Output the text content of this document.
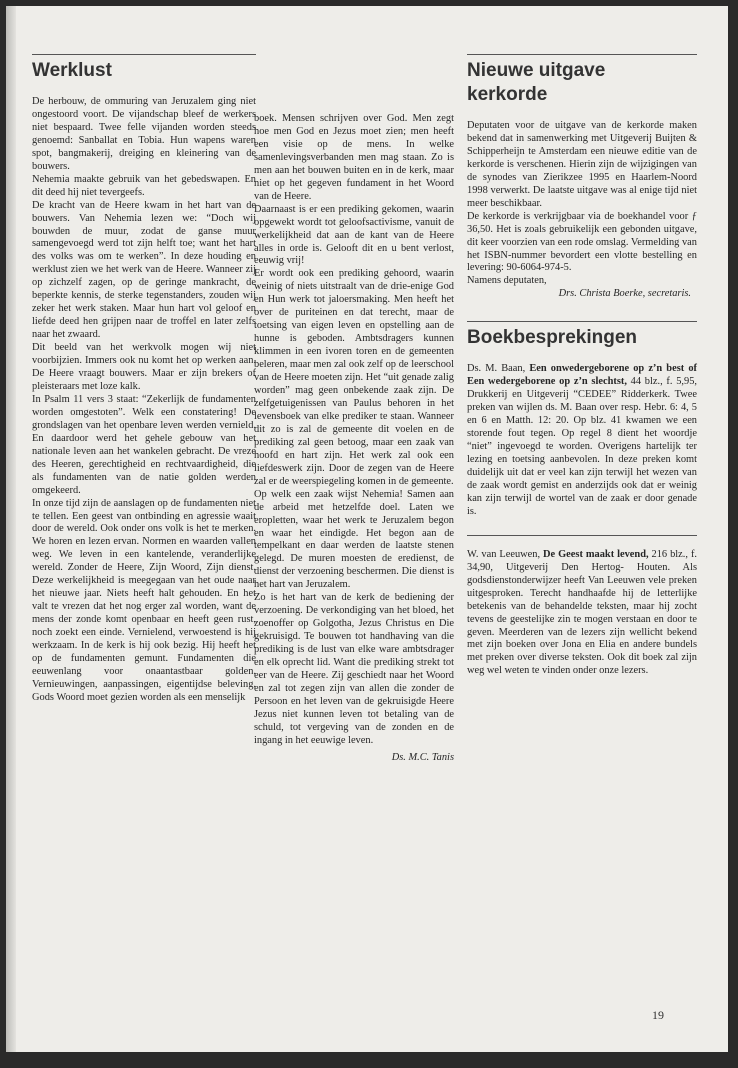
Werklust

De herbouw, de ommuring van Jeruzalem ging niet ongestoord voort. De vijandschap bleef de werkers niet bespaard. Twee felle vijanden worden steeds genoemd: Sanballat en Tobia. Hun wapens waren spot, bangmakerij, dreiging en kleinering van de bouwers.

Nehemia maakte gebruik van het gebedswapen. En dit deed hij niet tevergeefs.

De kracht van de Heere kwam in het hart van de bouwers. Van Nehemia lezen we: “Doch wij bouwden de muur, zodat de ganse muur samengevoegd werd tot zijn helft toe; want het hart des volks was om te werken”. In deze houding en werklust zien we het werk van de Heere. Wanneer zij op zichzelf zagen, op de geringe mankracht, de beperkte kennis, de sterke tegenstanders, zouden wij zeker het werk staken. Maar hun hart vol geloof en liefde deed hen grijpen naar de troffel en later zelfs naar het zwaard.

Dit beeld van het werkvolk mogen wij niet voorbijzien. Immers ook nu komt het op werken aan. De Heere vraagt bouwers. Maar er zijn brekers of pleisteraars met loze kalk.

In Psalm 11 vers 3 staat: “Zekerlijk de fundamenten worden omgestoten”. Welk een constatering! De grondslagen van het openbare leven werden vernield. En daardoor werd het gehele gebouw van het nationale leven aan het wankelen gebracht. De vreze des Heeren, gerechtigheid en rechtvaardigheid, die als fundamenten van de natie golden werden omgekeerd.

In onze tijd zijn de aanslagen op de fundamenten niet te tellen. Een geest van ontbinding en agressie waait door de wereld. Ook onder ons volk is het te merken. We horen en lezen ervan. Normen en waarden vallen weg. We leven in een kantelende, veranderlijke wereld. Zonder de Heere, Zijn Woord, Zijn dienst. Deze werkelijkheid is meegegaan van het oude naar het nieuwe jaar. Niets heeft halt gehouden. En het valt te vrezen dat het nog erger zal worden, want de mens der zonde komt openbaar en heeft geen rust, noch zoekt een einde. Vernielend, verwoestend is hij werkzaam. In de kerk is hij ook bezig. Hij heeft het op de fundamenten gemunt. Fundamenten die eeuwenlang voor onaantastbaar golden. Vernieuwingen, aanpassingen, eigentijdse beleving. Gods Woord moet gezien worden als een menselijk

boek. Mensen schrijven over God. Men zegt hoe men God en Jezus moet zien; men heeft een visie op de mens. In welke samenlevingsverbanden men mag staan. Zo is men aan het bouwen buiten en in de kerk, maar niet op het gegeven fundament in het Woord van de Heere.

Daarnaast is er een prediking gekomen, waarin opgewekt wordt tot geloofsactivisme, vanuit de werkelijkheid dat aan de kant van de Heere alles in orde is. Gelooft dit en u bent verlost, eeuwig vrij!

Er wordt ook een prediking gehoord, waarin weinig of niets uitstraalt van de drie-enige God en Hun werk tot jaloersmaking. Men heeft het over de puriteinen en dat terecht, maar de toetsing van eigen leven en opstelling aan de hunne is geboden. Ambtsdragers kunnen klimmen in een ivoren toren en de gemeenten beleren, maar men zal ook zelf op de leerschool van de Heere moeten zijn. Het “uit genade zalig worden” mag geen onbekende zaak zijn. De zelfgetuigenissen van Paulus behoren in het levensboek van elke prediker te staan. Wanneer dit zo is zal de gemeente dit voelen en de prediking zal geen betoog, maar een zaak van hoofd en hart zijn. Het werk zal ook een liefdeswerk zijn. Door de zegen van de Heere zal er de weerspiegeling komen in de gemeente.

Op welk een zaak wijst Nehemia! Samen aan de arbeid met hetzelfde doel. Laten we eropletten, waar het werk te Jeruzalem begon en waar het eindigde. Het begon aan de tempelkant en daar werden de laatste stenen gelegd. De muren moesten de eredienst, de dienst der verzoening beschermen. Die dienst is het hart van Jeruzalem.

Zo is het hart van de kerk de bediening der verzoening. De verkondiging van het bloed, het zoenoffer op Golgotha, Jezus Christus en Die gekruisigd. Te bouwen tot handhaving van die prediking is de lust van elke ware ambtsdrager en elk oprecht lid. Want die prediking strekt tot eer van de Heere. Zij geschiedt naar het Woord en zal tot zegen zijn van allen die zonder de Persoon en het leven van de gekruisigde Heere Jezus niet kunnen leven tot betaling van de schuld, tot vergeving van de zonden en de ingang in het eeuwige leven.

Ds. M.C. Tanis

Nieuwe uitgave
kerkorde

Deputaten voor de uitgave van de kerkorde maken bekend dat in samenwerking met Uitgeverij Buijten & Schipperheijn te Amsterdam een nieuwe editie van de kerkorde is verschenen. Hierin zijn de wijzigingen van de synodes van Zierikzee 1995 en Haarlem-Noord 1998 verwerkt. De laatste uitgave was al enige tijd niet meer beschikbaar.

De kerkorde is verkrijgbaar via de boekhandel voor ƒ 36,50. Het is zoals gebruikelijk een gebonden uitgave, dit keer voorzien van een rode omslag. Vermelding van het ISBN-nummer bevordert een vlotte bestelling en levering: 90-6064-974-5.

Namens deputaten,

Drs. Christa Boerke, secretaris.

Boekbesprekingen

Ds. M. Baan, Een onwedergeborene op z’n best of Een wedergeborene op z’n slechtst, 44 blz., f. 5,95, Drukkerij en Uitgeverij “CEDEE” Ridderkerk. Twee preken van wijlen ds. M. Baan over resp. Hebr. 6: 4, 5 en 6 en Matth. 12: 20. Op blz. 41 kwamen we een storende fout tegen. Op regel 8 dient het woordje “niet” ingevoegd te worden. Overigens hartelijk ter lezing en toetsing aanbevolen. In deze preken komt duidelijk uit dat er veel kan zijn terwijl het wezen van de zaak wordt gemist en anderzijds ook dat er weinig kan zijn terwijl de wortel van de zaak er door genade is.

W. van Leeuwen, De Geest maakt levend, 216 blz., f. 34,90, Uitgeverij Den Hertog- Houten. Als godsdienstonderwijzer heeft Van Leeuwen vele preken uitgesproken. Terecht handhaafde hij de letterlijke betekenis van de behandelde teksten, maar hij zocht tevens de geestelijke zin te mogen verstaan en door te geven. Meerderen van de lezers zijn wellicht bekend met zijn boeken over Jona en Elia en andere bundels met preken over diverse teksten. Ook dit boek zal zijn weg wel weten te vinden onder onze lezers.

19
